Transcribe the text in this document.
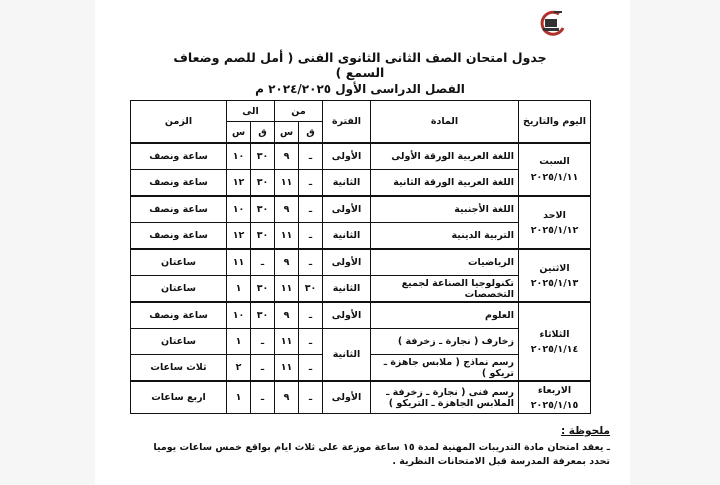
جدول امتحان الصف الثانى الثانوى الفنى ( أمل للصم وضعاف السمع )
الفصل الدراسى الأول ٢٠٢٤/٢٠٢٥ م
اليوم والتاريخ	المادة	الفترة	من		الى		الزمن
			ق	س	ق	س	
السبت
٢٠٢٥/١/١١	اللغة العربية الورقة الأولى	الأولى	ـ	٩	٣٠	١٠	ساعة ونصف
	اللغة العربية الورقة الثانية	الثانية	ـ	١١	٣٠	١٢	ساعة ونصف
الاحد
٢٠٢٥/١/١٢	اللغة الأجنبية	الأولى	ـ	٩	٣٠	١٠	ساعة ونصف
	التربية الدينية	الثانية	ـ	١١	٣٠	١٢	ساعة ونصف
الاثنين
٢٠٢٥/١/١٣	الرياضيات	الأولى	ـ	٩	ـ	١١	ساعتان
	تكنولوجيا الصناعة لجميع التخصصات	الثانية	٣٠	١١	٣٠	١	ساعتان
الثلاثاء
٢٠٢٥/١/١٤	العلوم	الأولى	ـ	٩	٣٠	١٠	ساعة ونصف
	زخارف ( نجارة ـ زخرفة )	الثانية	ـ	١١	ـ	١	ساعتان
	رسم نماذج ( ملابس جاهزة ـ تريكو )		ـ	١١	ـ	٢	ثلاث ساعات
الاربعاء
٢٠٢٥/١/١٥	رسم فنى ( نجارة ـ زخرفة ـ الملابس الجاهزة ـ التريكو )	الأولى	ـ	٩	ـ	١	اربع ساعات
ملحوظة :
ـ يعقد امتحان مادة التدريبات المهنية لمدة ١٥ ساعة موزعة على ثلاث ايام بواقع خمس ساعات يوميا تحدد بمعرفة المدرسة قبل الامتحانات النظرية .
